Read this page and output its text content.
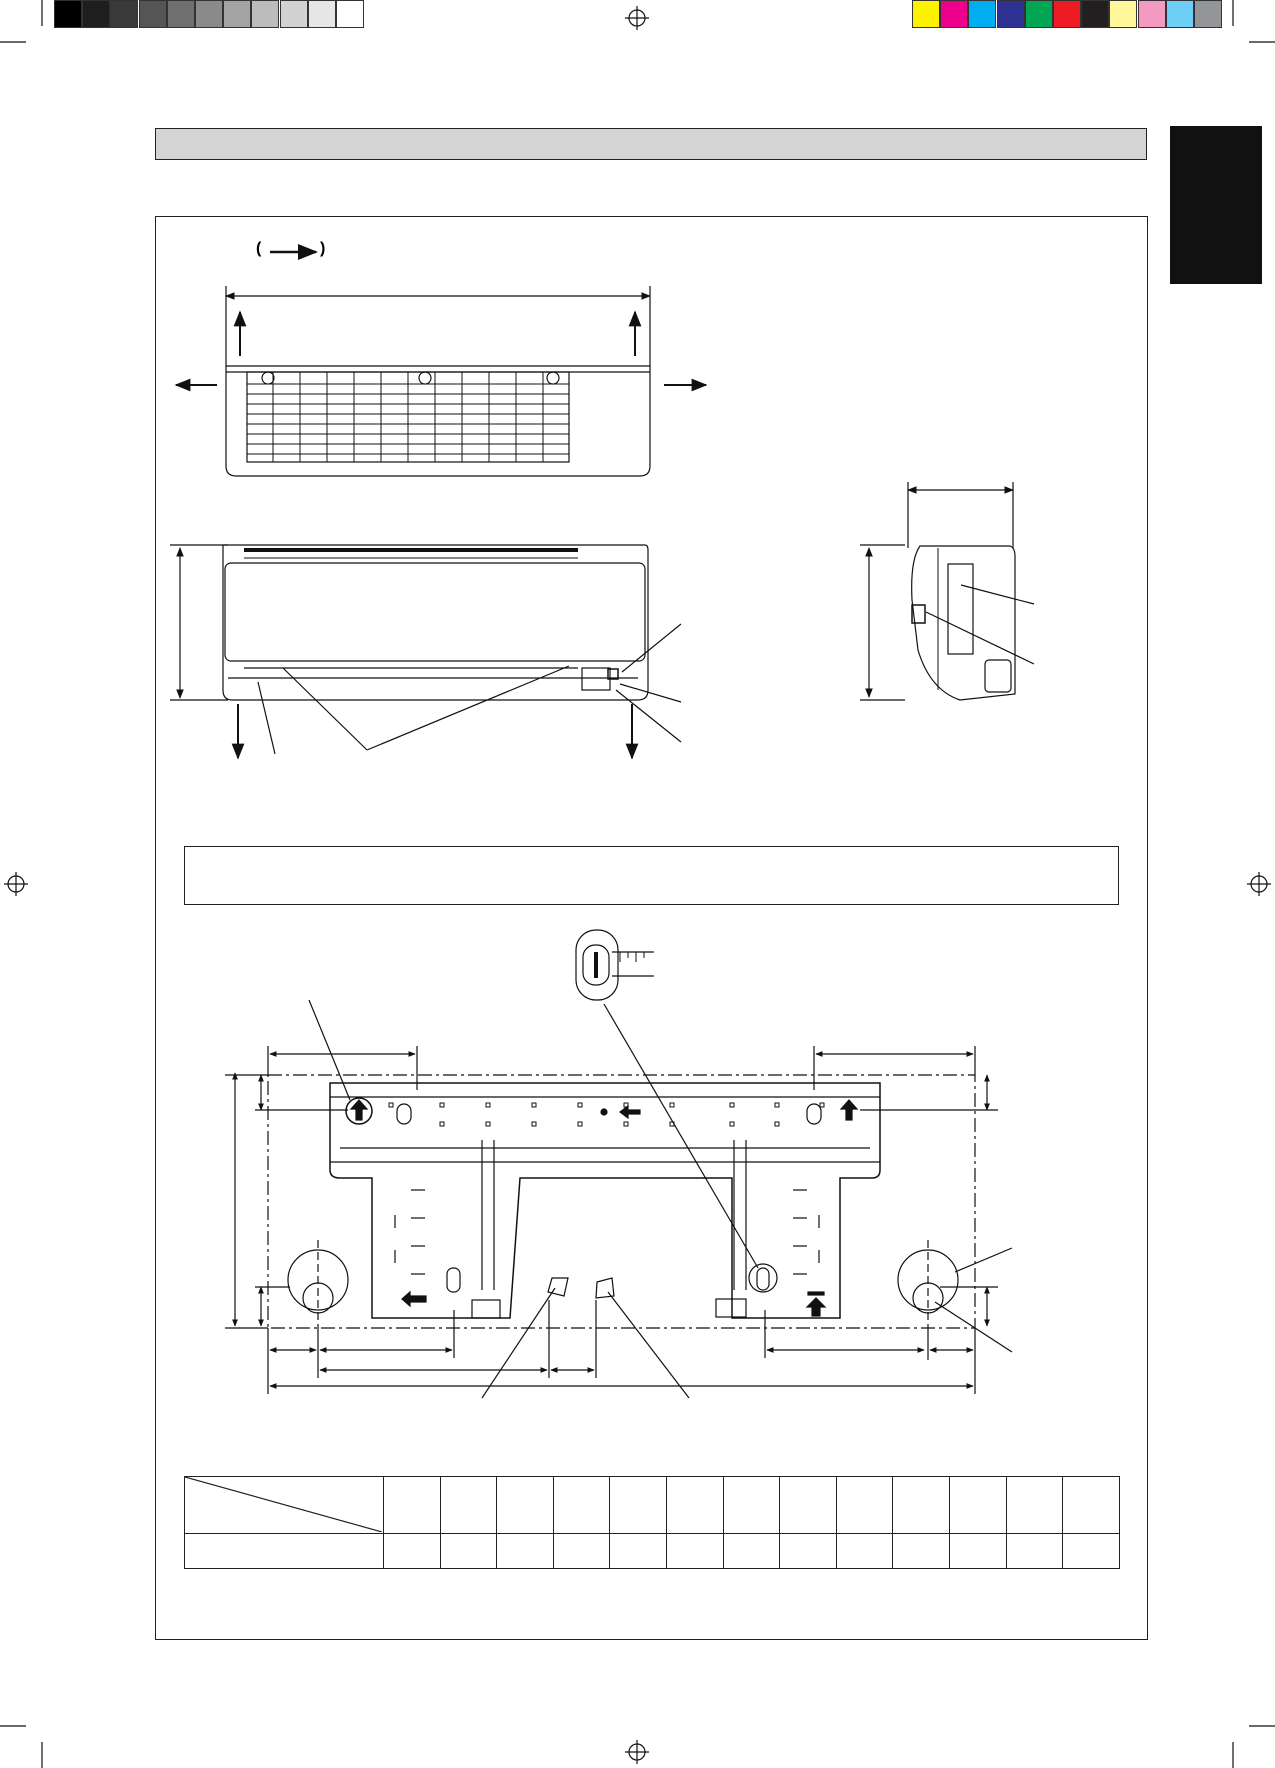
(	)
